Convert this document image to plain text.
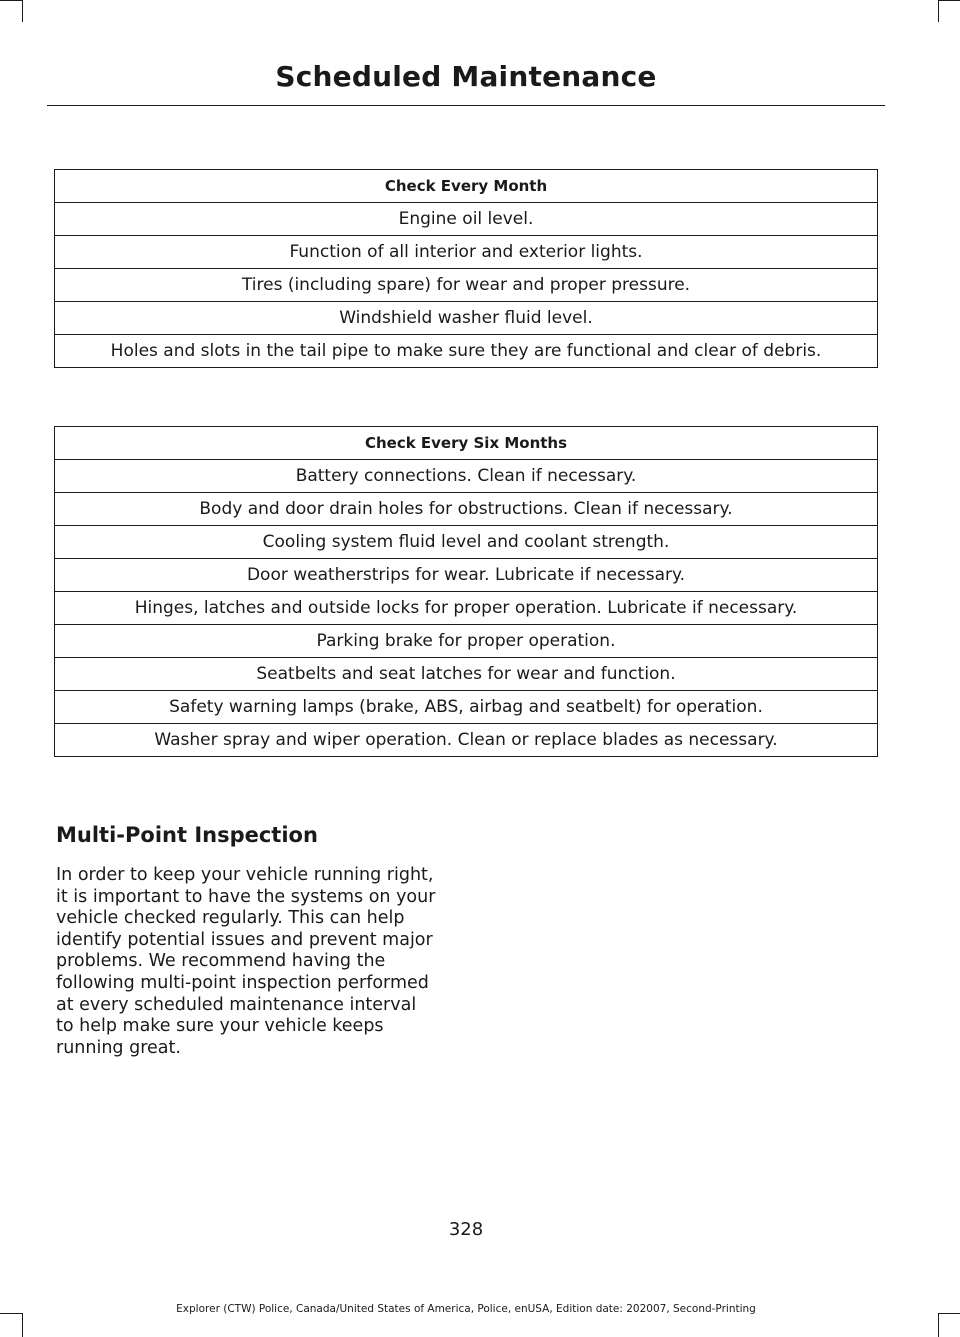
Scheduled Maintenance
Check Every Month
Engine oil level.
Function of all interior and exterior lights.
Tires (including spare) for wear and proper pressure.
Windshield washer fluid level.
Holes and slots in the tail pipe to make sure they are functional and clear of debris.
Check Every Six Months
Battery connections. Clean if necessary.
Body and door drain holes for obstructions. Clean if necessary.
Cooling system fluid level and coolant strength.
Door weatherstrips for wear. Lubricate if necessary.
Hinges, latches and outside locks for proper operation. Lubricate if necessary.
Parking brake for proper operation.
Seatbelts and seat latches for wear and function.
Safety warning lamps (brake, ABS, airbag and seatbelt) for operation.
Washer spray and wiper operation. Clean or replace blades as necessary.
Multi-Point Inspection

In order to keep your vehicle running right,
it is important to have the systems on your
vehicle checked regularly. This can help
identify potential issues and prevent major
problems. We recommend having the
following multi-point inspection performed
at every scheduled maintenance interval
to help make sure your vehicle keeps
running great.

328
Explorer (CTW) Police, Canada/United States of America, Police, enUSA, Edition date: 202007, Second-Printing
